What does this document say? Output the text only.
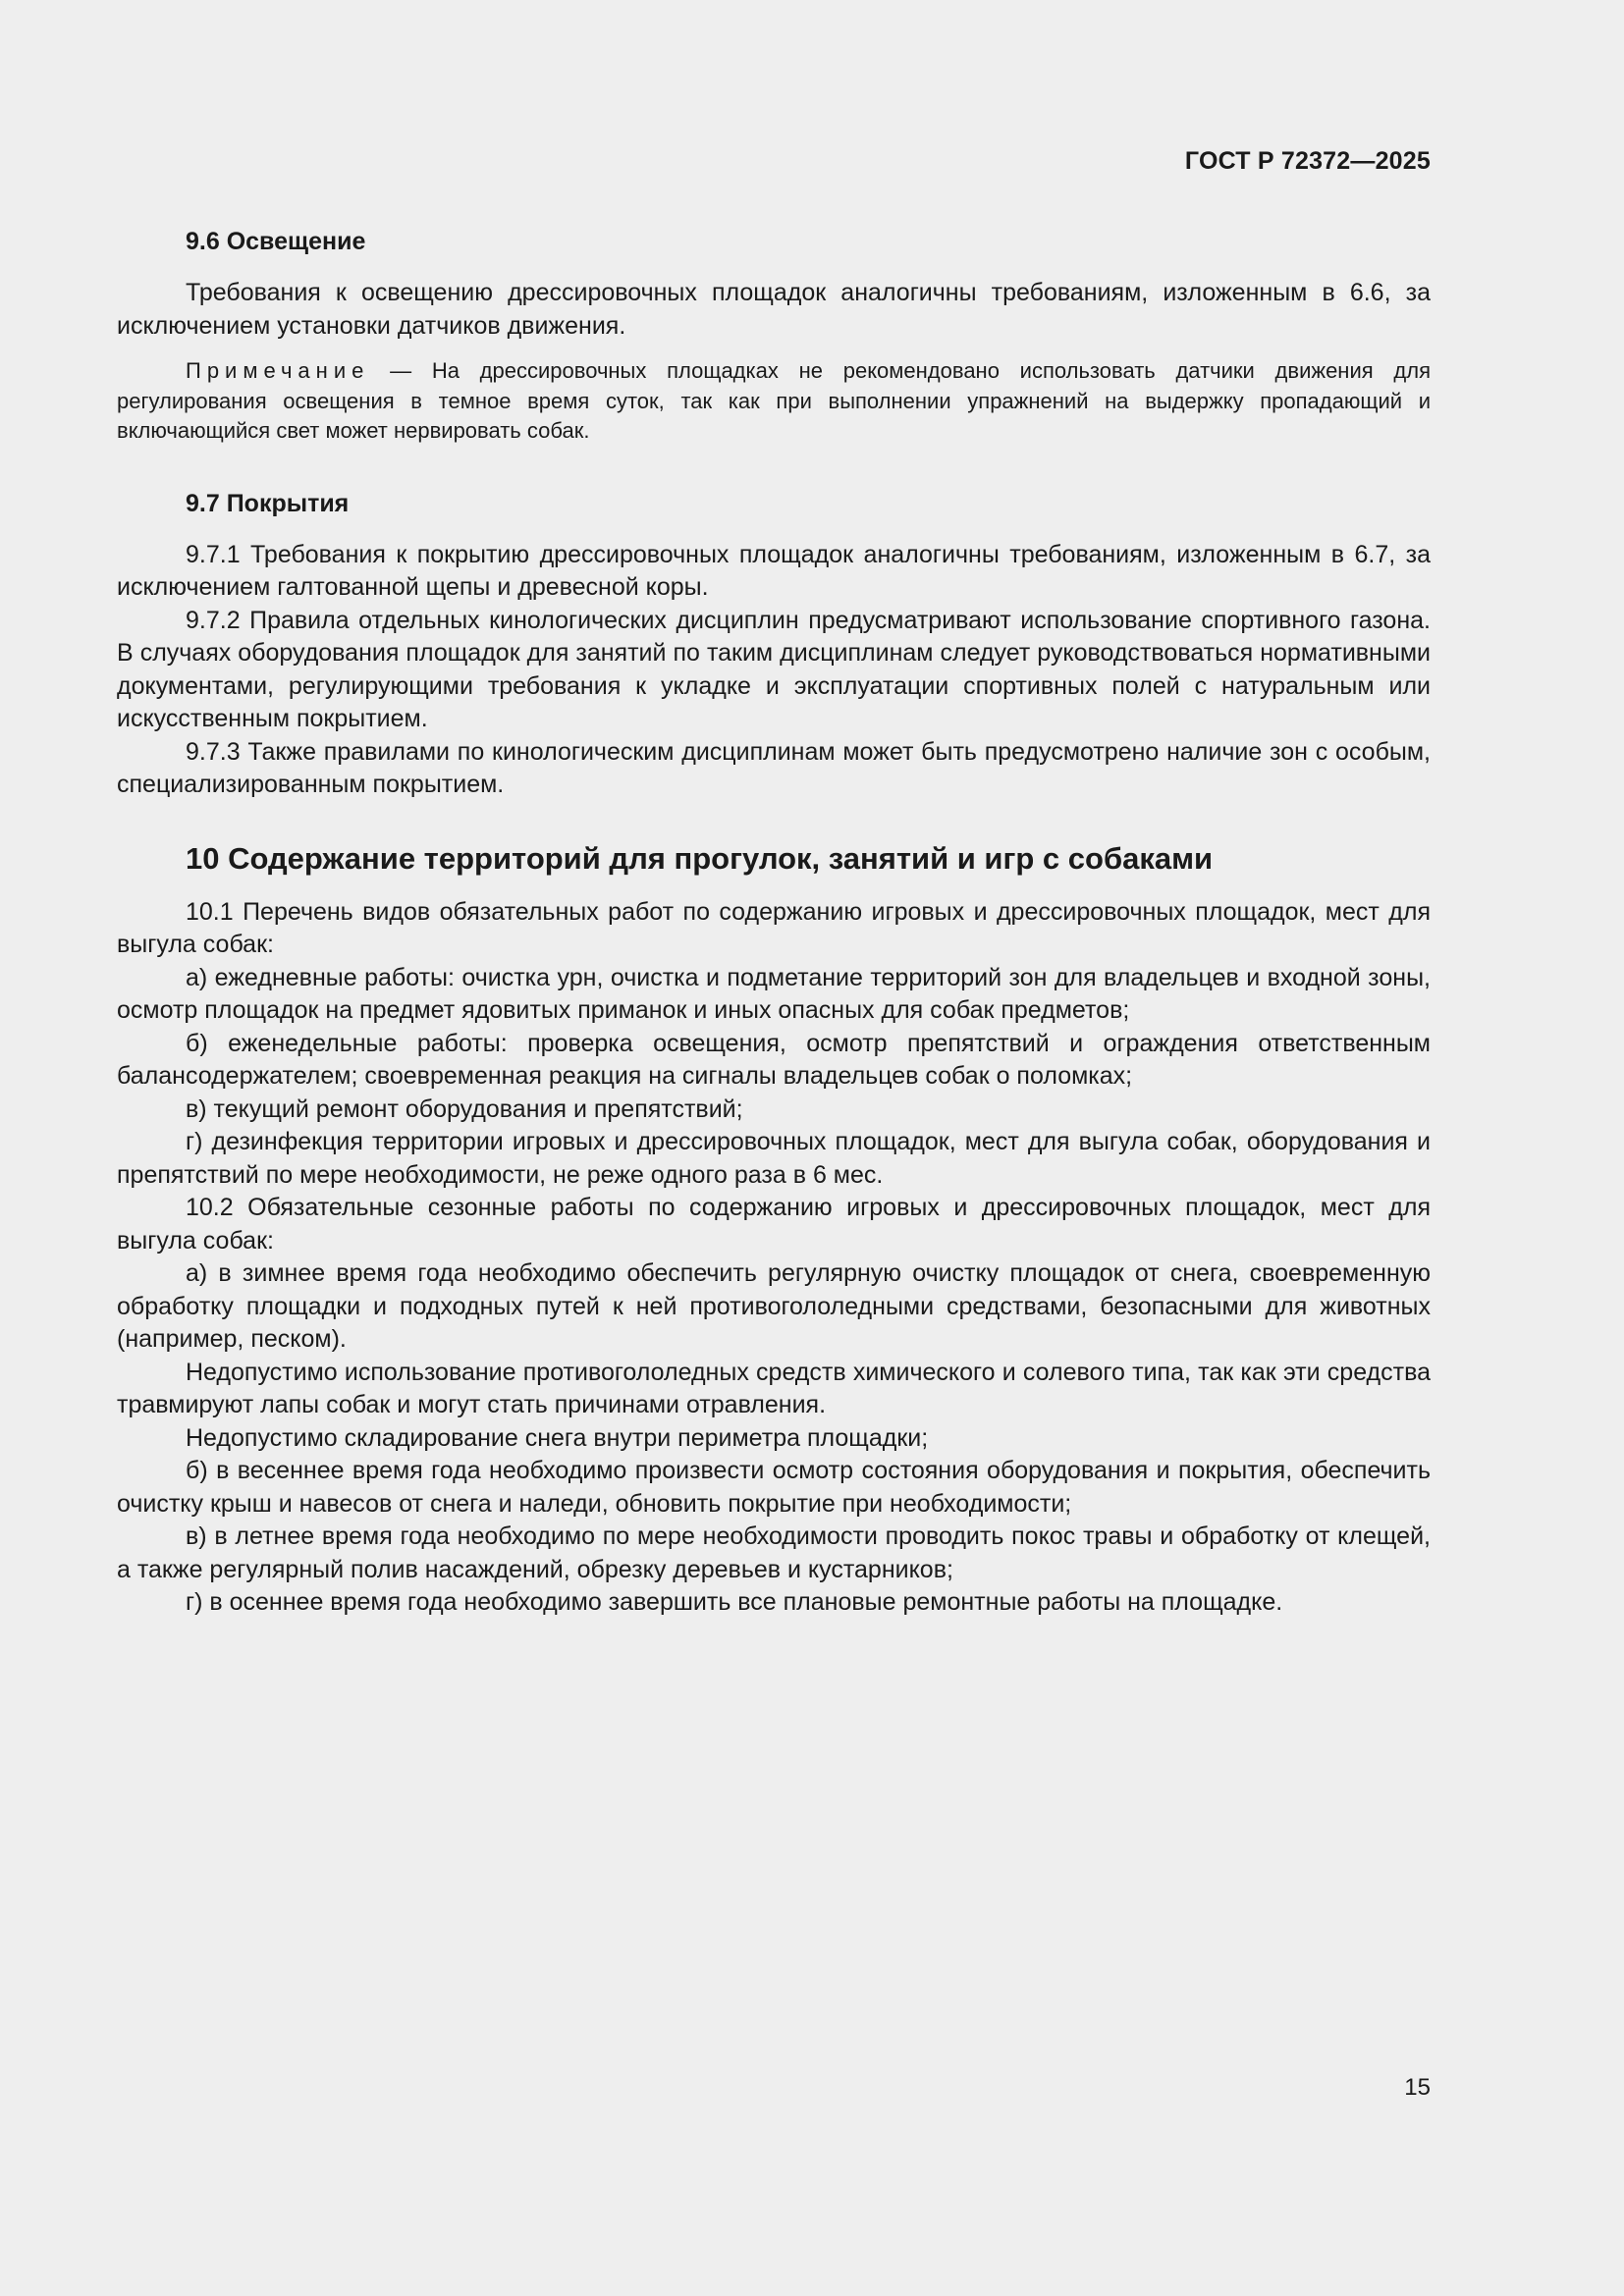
ГОСТ Р 72372—2025
9.6 Освещение

Требования к освещению дрессировочных площадок аналогичны требованиям, изложенным в 6.6, за исключением установки датчиков движения.

Примечание — На дрессировочных площадках не рекомендовано использовать датчики движения для регулирования освещения в темное время суток, так как при выполнении упражнений на выдержку пропадающий и включающийся свет может нервировать собак.

9.7 Покрытия

9.7.1 Требования к покрытию дрессировочных площадок аналогичны требованиям, изложенным в 6.7, за исключением галтованной щепы и древесной коры.

9.7.2 Правила отдельных кинологических дисциплин предусматривают использование спортивного газона. В случаях оборудования площадок для занятий по таким дисциплинам следует руководствоваться нормативными документами, регулирующими требования к укладке и эксплуатации спортивных полей с натуральным или искусственным покрытием.

9.7.3 Также правилами по кинологическим дисциплинам может быть предусмотрено наличие зон с особым, специализированным покрытием.

10 Содержание территорий для прогулок, занятий и игр с собаками

10.1 Перечень видов обязательных работ по содержанию игровых и дрессировочных площадок, мест для выгула собак:

а) ежедневные работы: очистка урн, очистка и подметание территорий зон для владельцев и входной зоны, осмотр площадок на предмет ядовитых приманок и иных опасных для собак предметов;

б) еженедельные работы: проверка освещения, осмотр препятствий и ограждения ответственным балансодержателем; своевременная реакция на сигналы владельцев собак о поломках;

в) текущий ремонт оборудования и препятствий;

г) дезинфекция территории игровых и дрессировочных площадок, мест для выгула собак, оборудования и препятствий по мере необходимости, не реже одного раза в 6 мес.

10.2 Обязательные сезонные работы по содержанию игровых и дрессировочных площадок, мест для выгула собак:

а) в зимнее время года необходимо обеспечить регулярную очистку площадок от снега, своевременную обработку площадки и подходных путей к ней противогололедными средствами, безопасными для животных (например, песком).

Недопустимо использование противогололедных средств химического и солевого типа, так как эти средства травмируют лапы собак и могут стать причинами отравления.

Недопустимо складирование снега внутри периметра площадки;

б) в весеннее время года необходимо произвести осмотр состояния оборудования и покрытия, обеспечить очистку крыш и навесов от снега и наледи, обновить покрытие при необходимости;

в) в летнее время года необходимо по мере необходимости проводить покос травы и обработку от клещей, а также регулярный полив насаждений, обрезку деревьев и кустарников;

г) в осеннее время года необходимо завершить все плановые ремонтные работы на площадке.

15
